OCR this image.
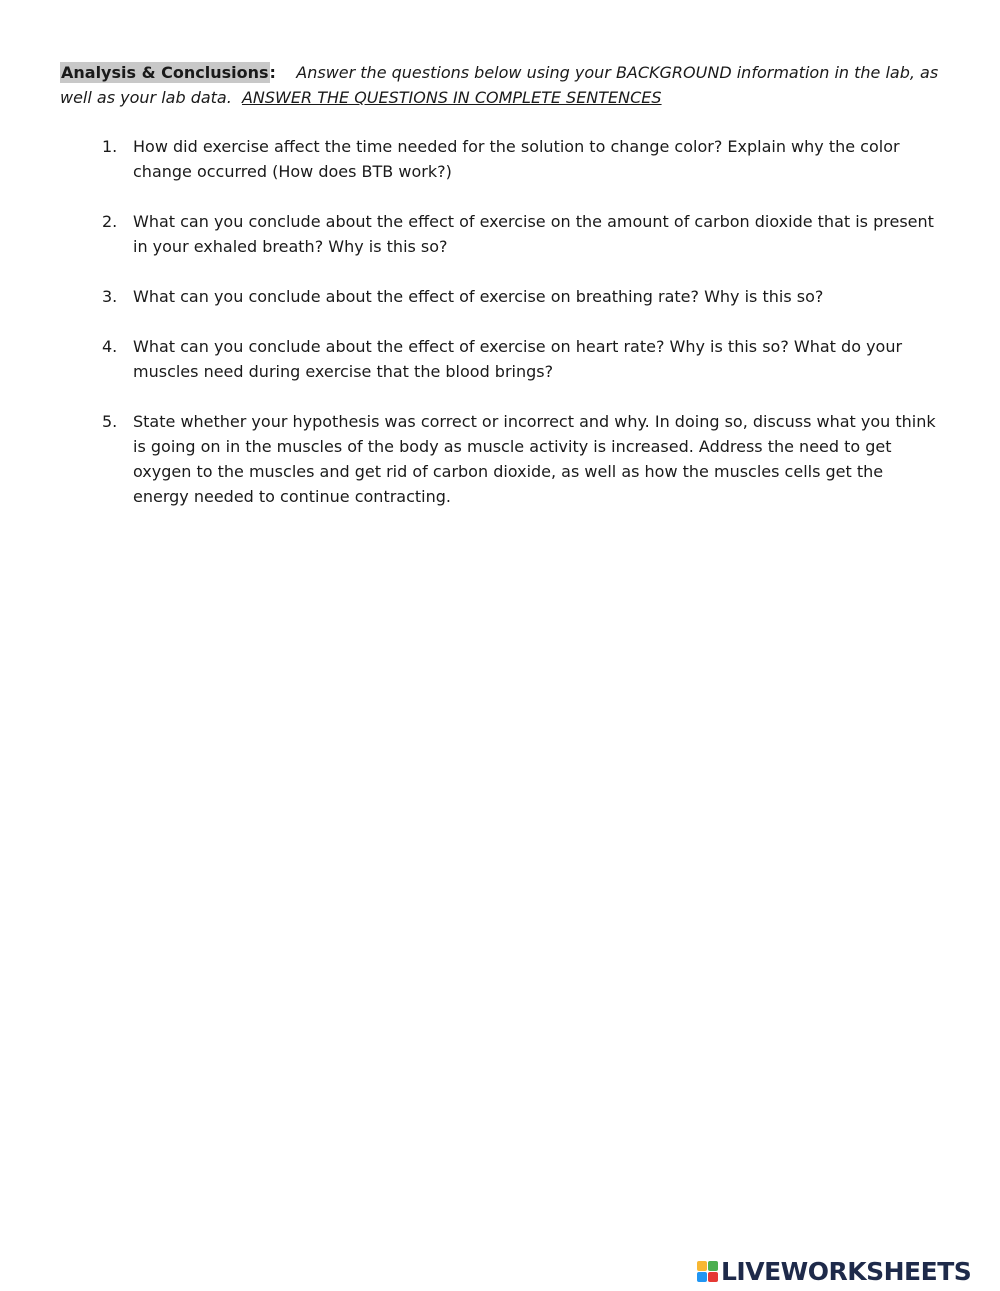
Analysis & Conclusions: Answer the questions below using your BACKGROUND information in the lab, as well as your lab data. ANSWER THE QUESTIONS IN COMPLETE SENTENCES
1. How did exercise affect the time needed for the solution to change color? Explain why the color change occurred (How does BTB work?)
2. What can you conclude about the effect of exercise on the amount of carbon dioxide that is present in your exhaled breath? Why is this so?
3. What can you conclude about the effect of exercise on breathing rate? Why is this so?
4. What can you conclude about the effect of exercise on heart rate? Why is this so? What do your muscles need during exercise that the blood brings?
5. State whether your hypothesis was correct or incorrect and why. In doing so, discuss what you think is going on in the muscles of the body as muscle activity is increased. Address the need to get oxygen to the muscles and get rid of carbon dioxide, as well as how the muscles cells get the energy needed to continue contracting.
LIVEWORKSHEETS
